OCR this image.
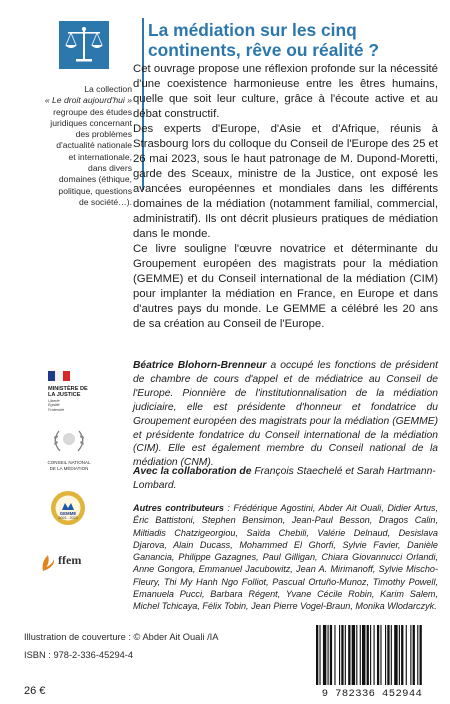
La collection
« Le droit aujourd'hui »
regroupe des études
juridiques concernant
des problèmes
d'actualité nationale
et internationale,
dans divers
domaines (éthique,
politique, questions
de société…).
La médiation sur les cinq continents, rêve ou réalité ?

Cet ouvrage propose une réflexion profonde sur la nécessité d'une coexistence harmonieuse entre les êtres humains, quelle que soit leur culture, grâce à l'écoute active et au débat constructif.

Des experts d'Europe, d'Asie et d'Afrique, réunis à Strasbourg lors du colloque du Conseil de l'Europe des 25 et 26 mai 2023, sous le haut patronage de M. Dupond-Moretti, garde des Sceaux, ministre de la Justice, ont exposé les avancées européennes et mondiales dans les différents domaines de la médiation (notamment familial, commercial, administratif). Ils ont décrit plusieurs pratiques de médiation dans le monde.

Ce livre souligne l'œuvre novatrice et déterminante du Groupement européen des magistrats pour la médiation (GEMME) et du Conseil international de la médiation (CIM) pour implanter la médiation en France, en Europe et dans d'autres pays du monde. Le GEMME a célébré les 20 ans de sa création au Conseil de l'Europe.

Béatrice Blohorn-Brenneur a occupé les fonctions de président de chambre de cours d'appel et de médiatrice au Conseil de l'Europe. Pionnière de l'institutionnalisation de la médiation judiciaire, elle est présidente d'honneur et fondatrice du Groupement européen des magistrats pour la médiation (GEMME) et présidente fondatrice du Conseil international de la médiation (CIM). Elle est également membre du Conseil national de la médiation (CNM).

Avec la collaboration de François Staechelé et Sarah Hartmann-Lombard.
Autres contributeurs : Frédérique Agostini, Abder Ait Ouali, Didier Artus, Éric Battistoni, Stephen Bensimon, Jean-Paul Besson, Dragos Calin, Miltiadis Chatzigeorgiou, Saïda Chebili, Valérie Delnaud, Desislava Djarova, Alain Ducass, Mohammed El Ghorfi, Sylvie Favier, Danièle Ganancia, Philippe Gazagnes, Paul Gilligan, Chiara Giovannucci Orlandi, Anne Gongora, Emmanuel Jacubowitz, Jean A. Mirimanoff, Sylvie Mischo-Fleury, Thi My Hanh Ngo Folliot, Pascual Ortuño-Munoz, Timothy Powell, Emanuela Pucci, Barbara Régent, Yvane Cécile Robin, Karim Salem, Michel Tchicaya, Félix Tobin, Jean Pierre Vogel-Braun, Monika Wlodarczyk.
MINISTÈRE DE LA JUSTICE
Liberté Égalité Fraternité
CONSEIL NATIONAL DE LA MÉDIATION
GEMME
2003 - 2023
ffem
Illustration de couverture : © Abder Ait Ouali /IA
ISBN : 978-2-336-45294-4
26 €	9 782336 452944
